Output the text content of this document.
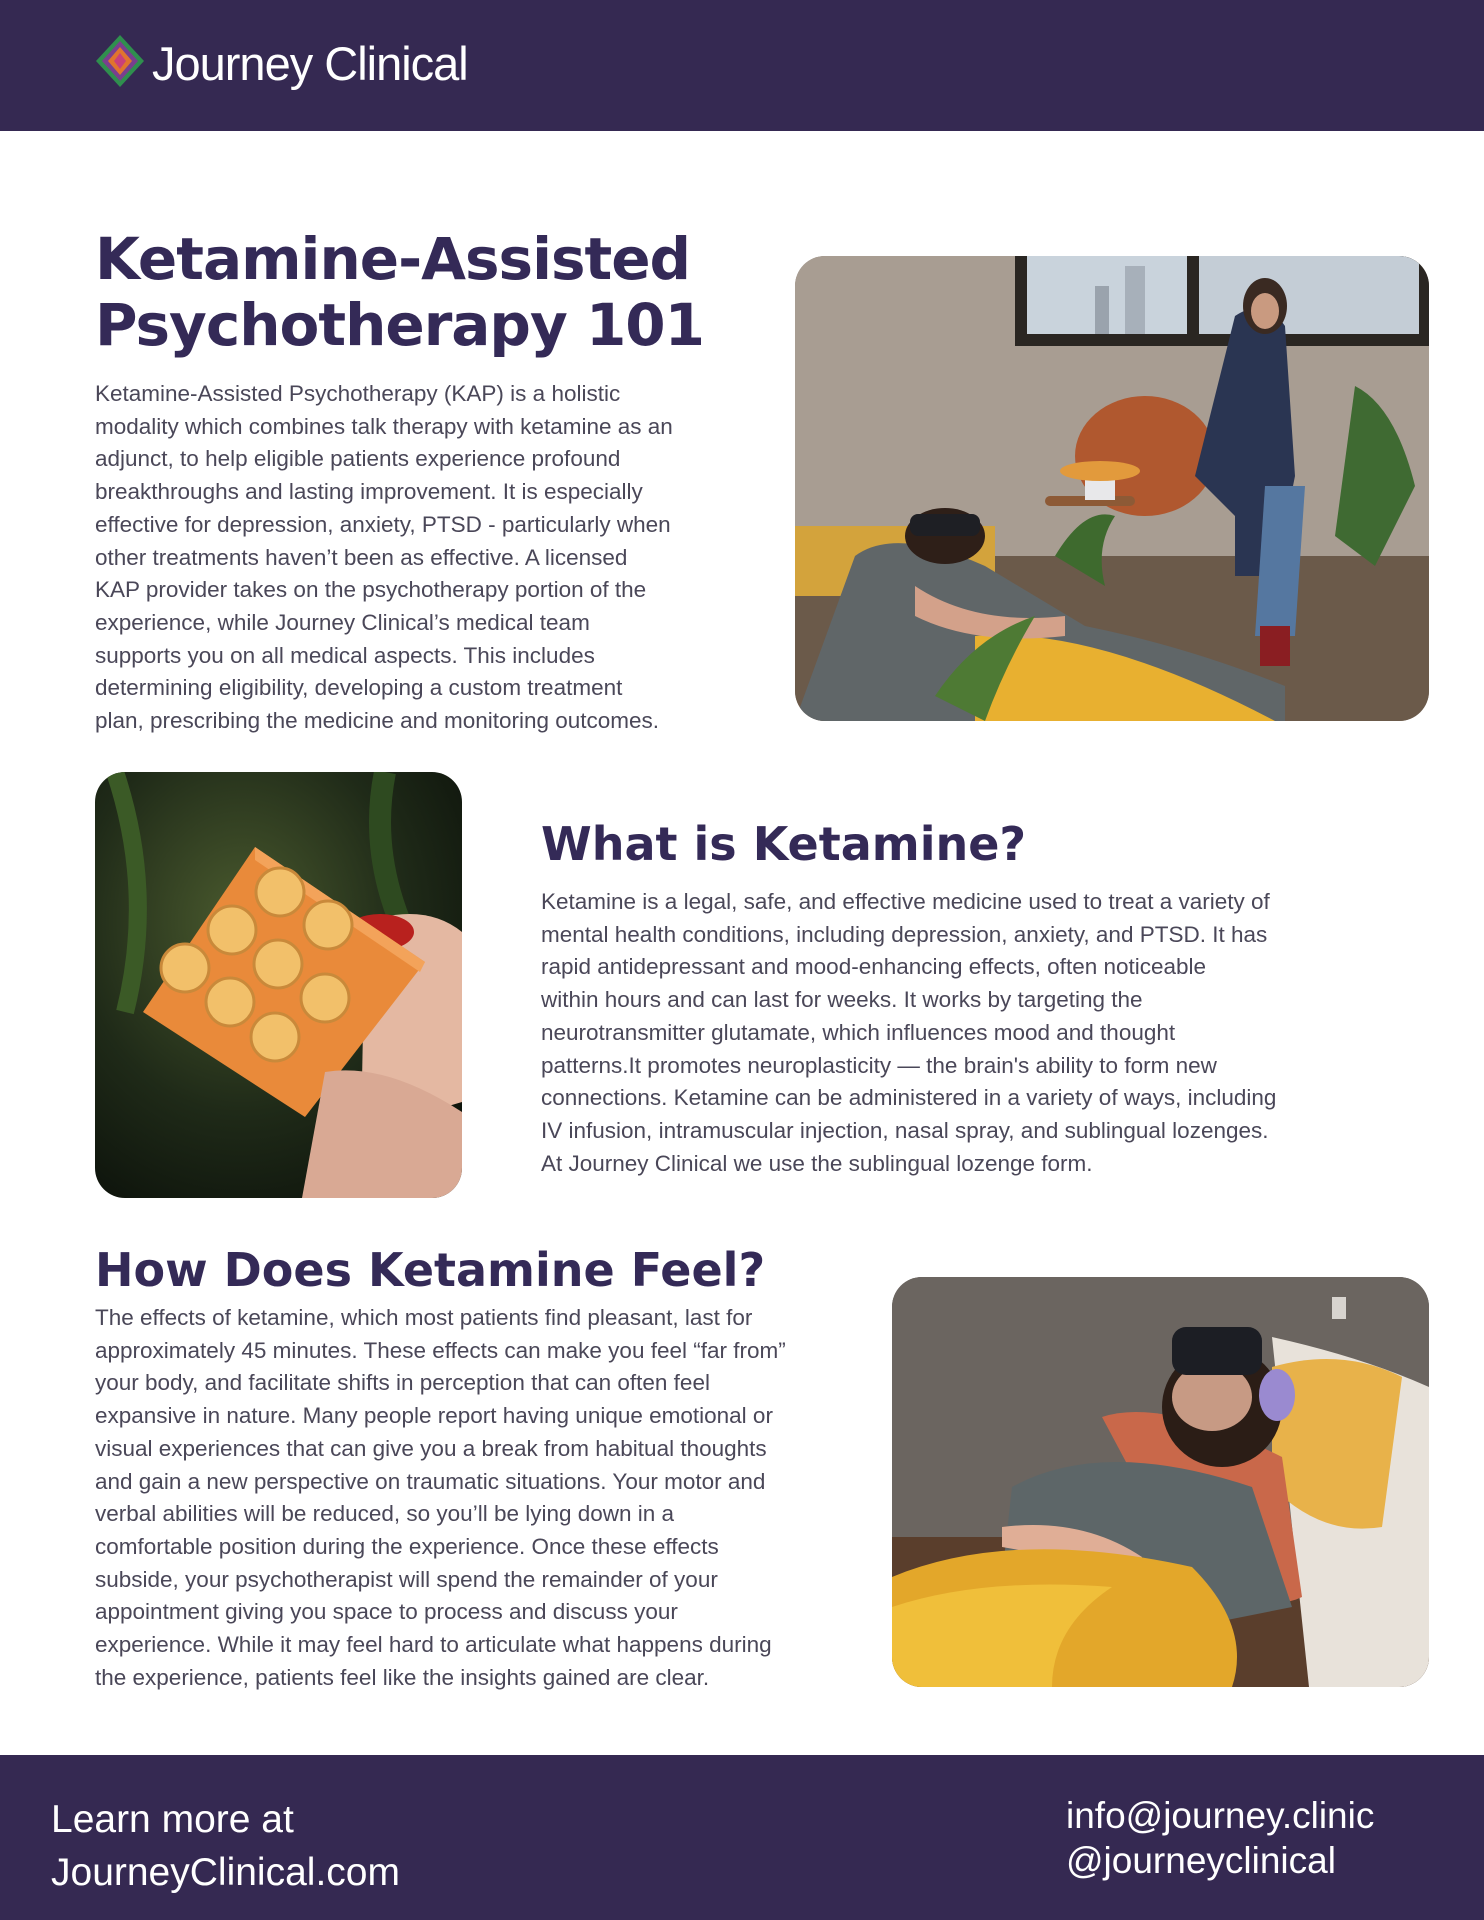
Journey Clinical
Ketamine-Assisted
Psychotherapy 101
Ketamine-Assisted Psychotherapy (KAP) is a holistic
modality which combines talk therapy with ketamine as an
adjunct, to help eligible patients experience profound
breakthroughs and lasting improvement. It is especially
effective for depression, anxiety, PTSD - particularly when
other treatments haven’t been as effective. A licensed
KAP provider takes on the psychotherapy portion of the
experience, while Journey Clinical’s medical team
supports you on all medical aspects. This includes
determining eligibility, developing a custom treatment
plan, prescribing the medicine and monitoring outcomes.
What is Ketamine?
Ketamine is a legal, safe, and effective medicine used to treat a variety of
mental health conditions, including depression, anxiety, and PTSD. It has
rapid antidepressant and mood-enhancing effects, often noticeable
within hours and can last for weeks. It works by targeting the
neurotransmitter glutamate, which influences mood and thought
patterns.It promotes neuroplasticity — the brain's ability to form new
connections. Ketamine can be administered in a variety of ways, including
IV infusion, intramuscular injection, nasal spray, and sublingual lozenges.
At Journey Clinical we use the sublingual lozenge form.
How Does Ketamine Feel?
The effects of ketamine, which most patients find pleasant, last for
approximately 45 minutes. These effects can make you feel “far from”
your body, and facilitate shifts in perception that can often feel
expansive in nature. Many people report having unique emotional or
visual experiences that can give you a break from habitual thoughts
and gain a new perspective on traumatic situations. Your motor and
verbal abilities will be reduced, so you’ll be lying down in a
comfortable position during the experience. Once these effects
subside, your psychotherapist will spend the remainder of your
appointment giving you space to process and discuss your
experience. While it may feel hard to articulate what happens during
the experience, patients feel like the insights gained are clear.
Learn more at
JourneyClinical.com
info@journey.clinic
@journeyclinical
